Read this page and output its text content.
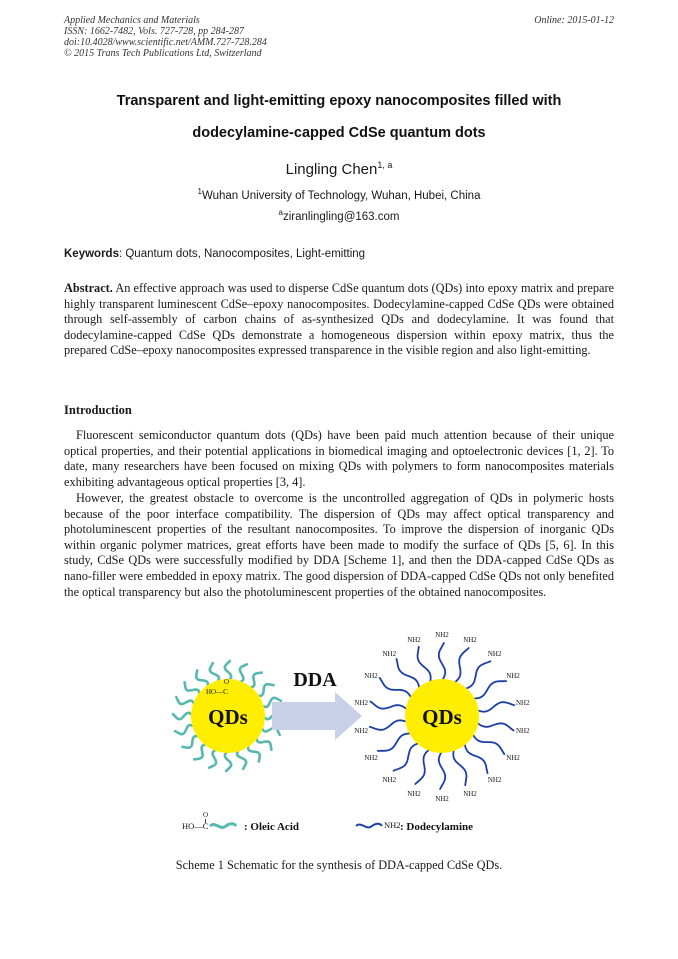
Applied Mechanics and Materials
ISSN: 1662-7482, Vols. 727-728, pp 284-287
doi:10.4028/www.scientific.net/AMM.727-728.284
© 2015 Trans Tech Publications Ltd, Switzerland
Online: 2015-01-12
Transparent and light-emitting epoxy nanocomposites filled with
dodecylamine-capped CdSe quantum dots
Lingling Chen$^{1, a}$
$^1$Wuhan University of Technology, Wuhan, Hubei, China
$^a$ziranlingling@163.com
Keywords: Quantum dots, Nanocomposites, Light-emitting
Abstract. An effective approach was used to disperse CdSe quantum dots (QDs) into epoxy matrix and prepare highly transparent luminescent CdSe–epoxy nanocomposites. Dodecylamine-capped CdSe QDs were obtained through self-assembly of carbon chains of as-synthesized QDs and dodecylamine. It was found that dodecylamine-capped CdSe QDs demonstrate a homogeneous dispersion within epoxy matrix, thus the prepared CdSe–epoxy nanocomposites expressed transparence in the visible region and also light-emitting.
Introduction
Fluorescent semiconductor quantum dots (QDs) have been paid much attention because of their unique optical properties, and their potential applications in biomedical imaging and optoelectronic devices [1, 2]. To date, many researchers have been focused on mixing QDs with polymers to form nanocomposites materials exhibiting advantageous optical properties [3, 4].
However, the greatest obstacle to overcome is the uncontrolled aggregation of QDs in polymeric hosts because of the poor interface compatibility. The dispersion of QDs may affect optical transparency and photoluminescent properties of the resultant nanocomposites. To improve the dispersion of inorganic QDs within organic polymer matrices, great efforts have been made to modify the surface of QDs [5, 6]. In this study, CdSe QDs were successfully modified by DDA [Scheme 1], and then the DDA-capped CdSe QDs as nano-filler were embedded in epoxy matrix. The good dispersion of DDA-capped CdSe QDs not only benefited the optical transparency but also the photoluminescent properties of the obtained nanocomposites.
QDs
HO—C
O	DDA
QDs
NH2
NH2
NH2
NH2
NH2
NH2
NH2
NH2
NH2
NH2
NH2
NH2
NH2
NH2
NH2
NH2
NH2
NH2
HO—C
O
: Oleic Acid	NH2 : Dodecylamine
Scheme 1 Schematic for the synthesis of DDA-capped CdSe QDs.
